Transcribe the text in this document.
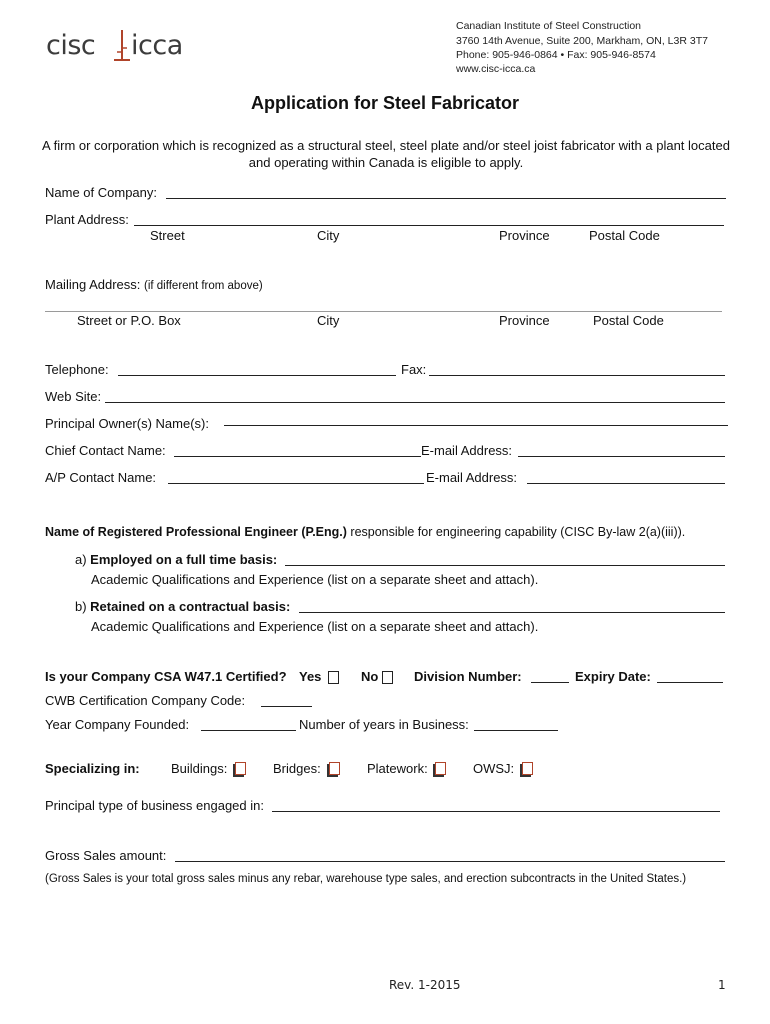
cisc icca
Canadian Institute of Steel Construction
3760 14th Avenue, Suite 200, Markham, ON, L3R 3T7
Phone: 905-946-0864 • Fax: 905-946-8574
www.cisc-icca.ca
Application for Steel Fabricator
A firm or corporation which is recognized as a structural steel, steel plate and/or steel joist fabricator with a plant located and operating within Canada is eligible to apply.
Name of Company:
Plant Address:
Street	City	Province	Postal Code
Mailing Address: (if different from above)
Street or P.O. Box	City	Province	Postal Code
Telephone:	Fax:
Web Site:
Principal Owner(s) Name(s):
Chief Contact Name:	E-mail Address:
A/P Contact Name:	E-mail Address:
Name of Registered Professional Engineer (P.Eng.) responsible for engineering capability (CISC By-law 2(a)(iii)).
a) Employed on a full time basis:
Academic Qualifications and Experience (list on a separate sheet and attach).
b) Retained on a contractual basis:
Academic Qualifications and Experience (list on a separate sheet and attach).
Is your Company CSA W47.1 Certified? Yes	No	Division Number:	Expiry Date:
CWB Certification Company Code:
Year Company Founded:	Number of years in Business:
Specializing in: Buildings:	Bridges:	Platework:	OWSJ:
Principal type of business engaged in:
Gross Sales amount:
(Gross Sales is your total gross sales minus any rebar, warehouse type sales, and erection subcontracts in the United States.)
Rev. 1-2015	1
